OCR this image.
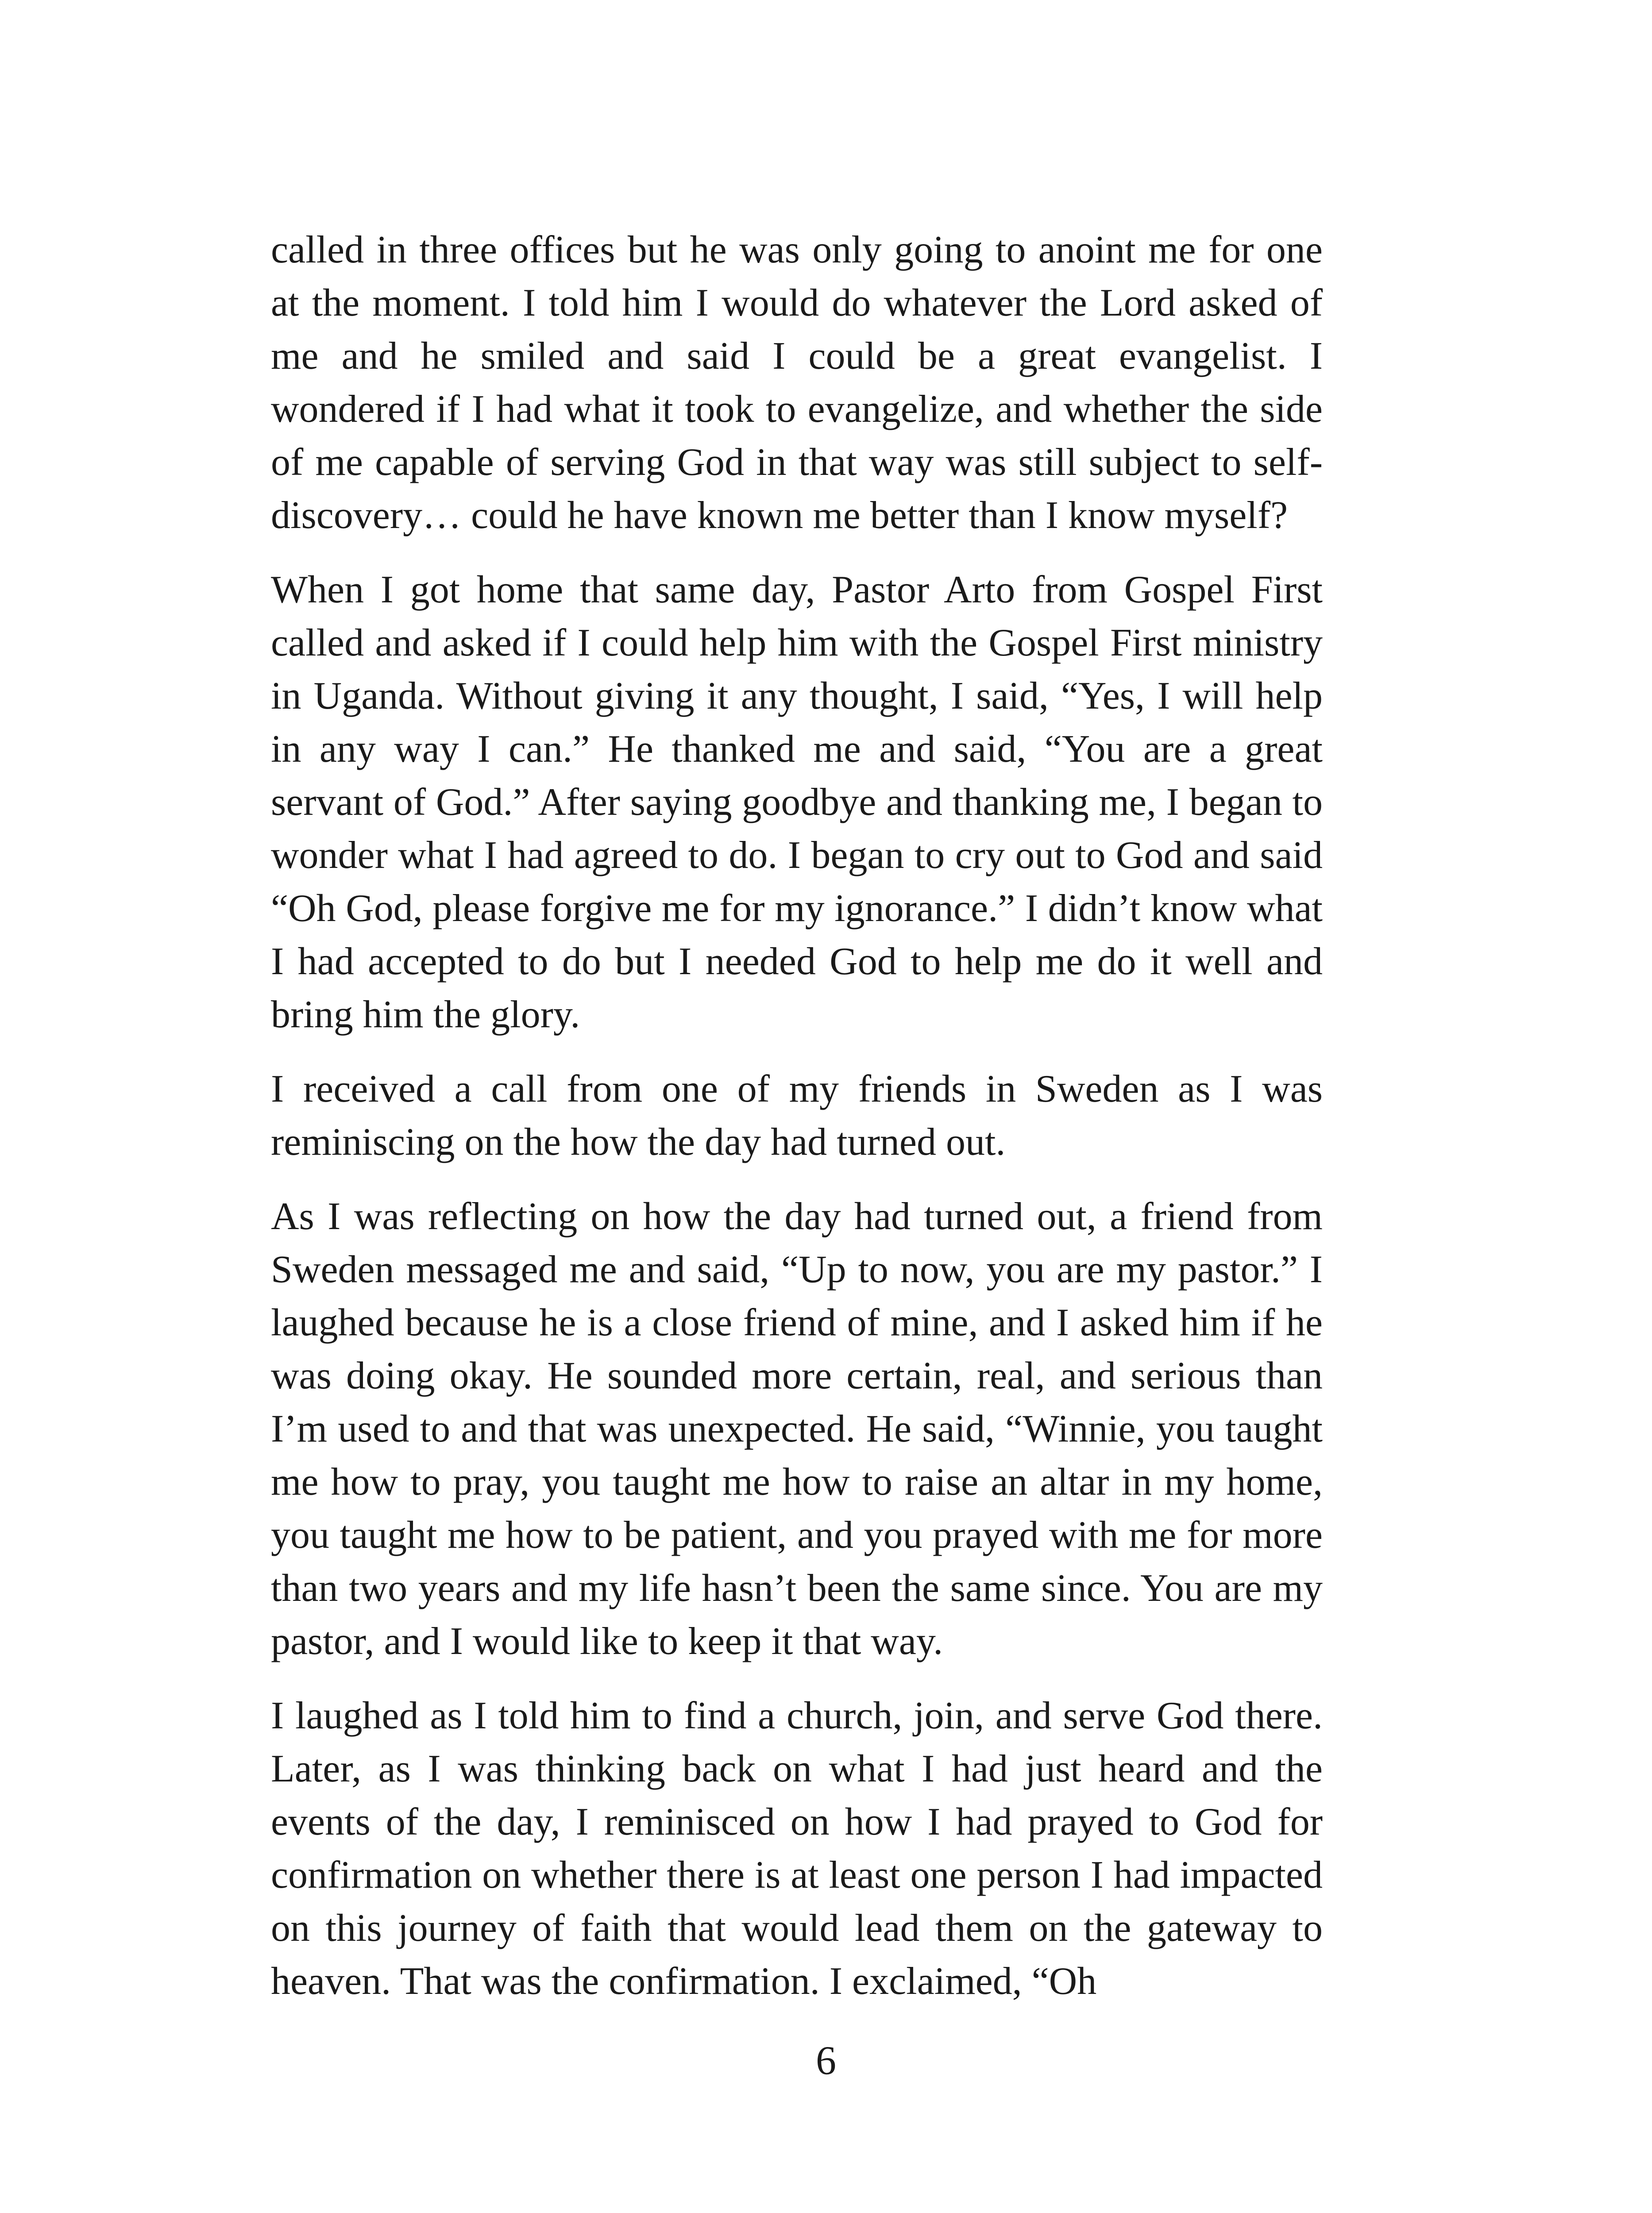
called in three offices but he was only going to anoint me for one at the moment. I told him I would do whatever the Lord asked of me and he smiled and said I could be a great evangelist. I wondered if I had what it took to evangelize, and whether the side of me capable of serving God in that way was still subject to self-discovery… could he have known me better than I know myself?

When I got home that same day, Pastor Arto from Gospel First called and asked if I could help him with the Gospel First ministry in Uganda. Without giving it any thought, I said, “Yes, I will help in any way I can.” He thanked me and said, “You are a great servant of God.” After saying goodbye and thanking me, I began to wonder what I had agreed to do. I began to cry out to God and said “Oh God, please forgive me for my ignorance.” I didn’t know what I had accepted to do but I needed God to help me do it well and bring him the glory.

I received a call from one of my friends in Sweden as I was reminiscing on the how the day had turned out.

As I was reflecting on how the day had turned out, a friend from Sweden messaged me and said, “Up to now, you are my pastor.” I laughed because he is a close friend of mine, and I asked him if he was doing okay. He sounded more certain, real, and serious than I’m used to and that was unexpected. He said, “Winnie, you taught me how to pray, you taught me how to raise an altar in my home, you taught me how to be patient, and you prayed with me for more than two years and my life hasn’t been the same since. You are my pastor, and I would like to keep it that way.

I laughed as I told him to find a church, join, and serve God there. Later, as I was thinking back on what I had just heard and the events of the day, I reminisced on how I had prayed to God for confirmation on whether there is at least one person I had impacted on this journey of faith that would lead them on the gateway to heaven. That was the confirmation. I exclaimed, “Oh

6
